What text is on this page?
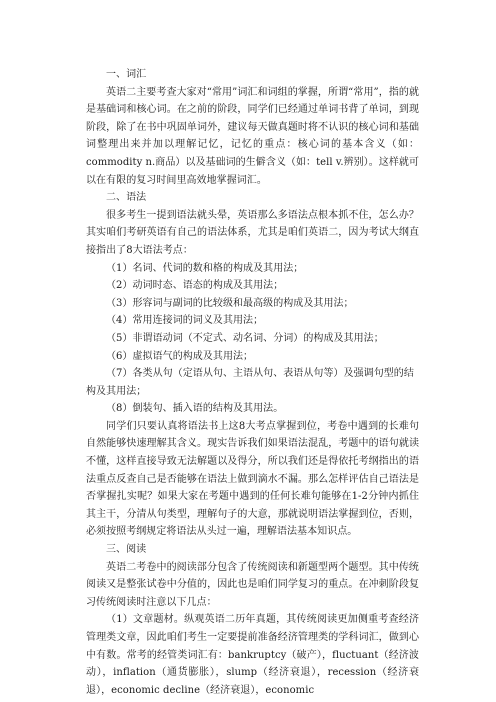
一、词汇

英语二主要考查大家对“常用”词汇和词组的掌握，所谓“常用”，指的就是基础词和核心词。在之前的阶段，同学们已经通过单词书背了单词，到现阶段，除了在书中巩固单词外，建议每天做真题时将不认识的核心词和基础词整理出来并加以理解记忆，记忆的重点：核心词的基本含义（如：commodity n.商品）以及基础词的生僻含义（如：tell v.辨别）。这样就可以在有限的复习时间里高效地掌握词汇。

二、语法

很多考生一提到语法就头晕，英语那么多语法点根本抓不住，怎么办？其实咱们考研英语有自己的语法体系，尤其是咱们英语二，因为考试大纲直接指出了8大语法考点：

（1）名词、代词的数和格的构成及其用法；

（2）动词时态、语态的构成及其用法；

（3）形容词与副词的比较级和最高级的构成及其用法；

（4）常用连接词的词义及其用法；

（5）非谓语动词（不定式、动名词、分词）的构成及其用法；

（6）虚拟语气的构成及其用法；

（7）各类从句（定语从句、主语从句、表语从句等）及强调句型的结构及其用法；

（8）倒装句、插入语的结构及其用法。

同学们只要认真将语法书上这8大考点掌握到位，考卷中遇到的长难句自然能够快速理解其含义。现实告诉我们如果语法混乱，考题中的语句就读不懂，这样直接导致无法解题以及得分，所以我们还是得依托考纲指出的语法重点反查自己是否能够在语法上做到滴水不漏。那么怎样评估自己语法是否掌握扎实呢？如果大家在考题中遇到的任何长难句能够在1-2分钟内抓住其主干，分清从句类型，理解句子的大意，那就说明语法掌握到位，否则，必须按照考纲规定将语法从头过一遍，理解语法基本知识点。

三、阅读

英语二考卷中的阅读部分包含了传统阅读和新题型两个题型。其中传统阅读又是整张试卷中分值的，因此也是咱们同学复习的重点。在冲刺阶段复习传统阅读时注意以下几点：

（1）文章题材。纵观英语二历年真题，其传统阅读更加侧重考查经济管理类文章，因此咱们考生一定要提前准备经济管理类的学科词汇，做到心中有数。常考的经管类词汇有：bankruptcy（破产），fluctuant（经济波动），inflation（通货膨胀），slump（经济衰退），recession（经济衰退），economic decline（经济衰退），economic
